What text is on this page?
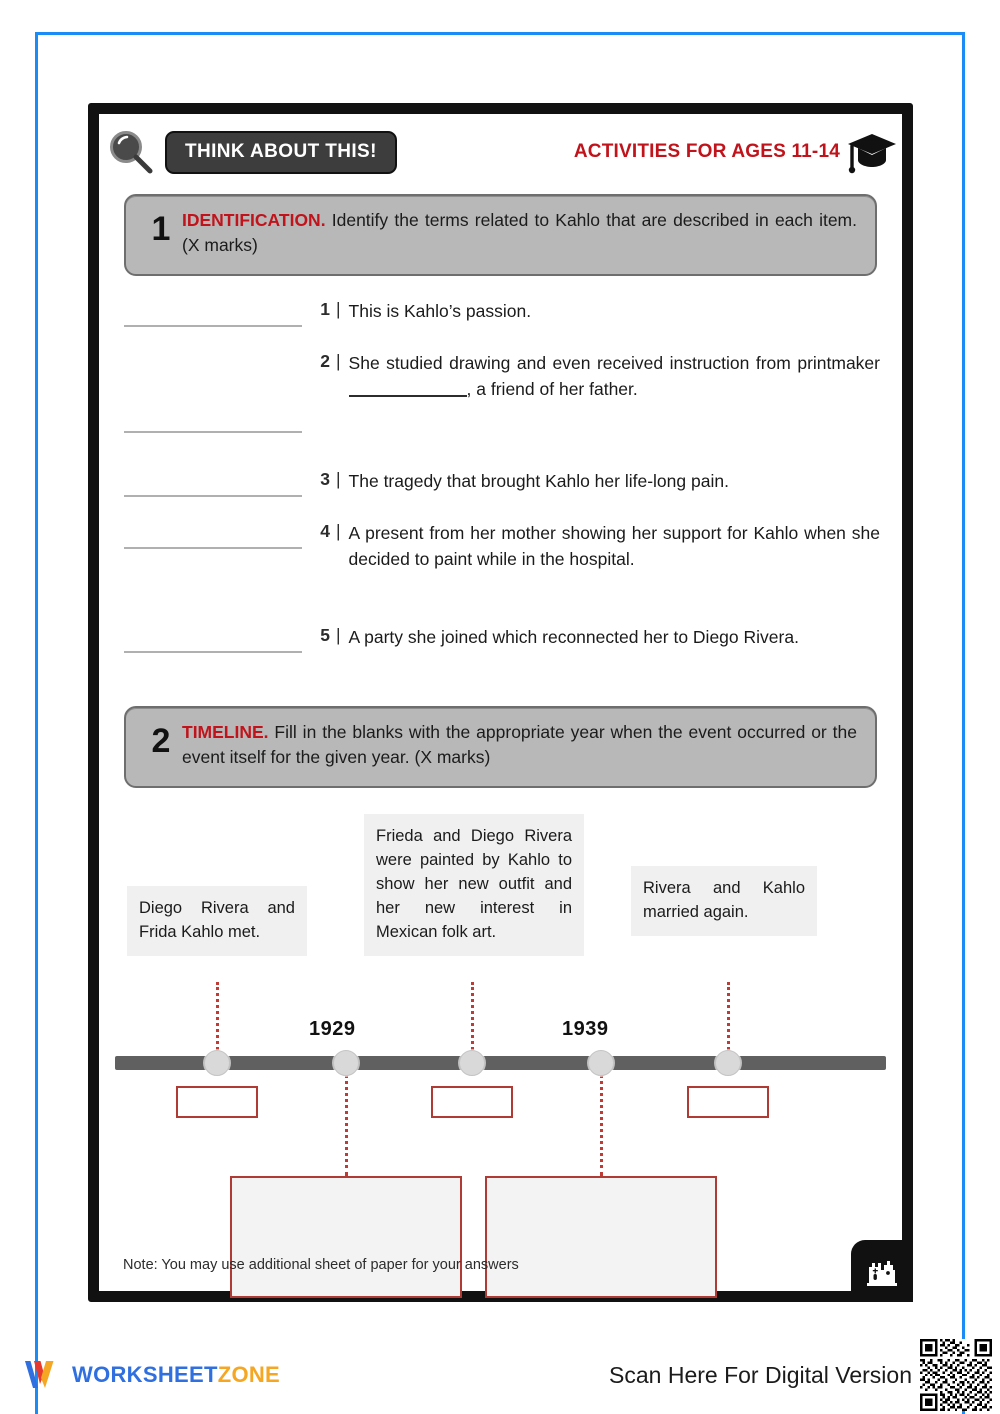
THINK ABOUT THIS!	ACTIVITIES FOR AGES 11-14
1 IDENTIFICATION. Identify the terms related to Kahlo that are described in each item. (X marks)
1 | This is Kahlo’s passion.
2 | She studied drawing and even received instruction from printmaker, a friend of her father.
3 | The tragedy that brought Kahlo her life-long pain.
4 | A present from her mother showing her support for Kahlo when she decided to paint while in the hospital.
5 | A party she joined which reconnected her to Diego Rivera.
2 TIMELINE. Fill in the blanks with the appropriate year when the event occurred or the event itself for the given year. (X marks)
Diego Rivera and Frida Kahlo met.
Frieda and Diego Rivera were painted by Kahlo to show her new outfit and her new interest in Mexican folk art.
Rivera and Kahlo married again.
1929	1939
Note: You may use additional sheet of paper for your answers
WORKSHEETZONE	Scan Here For Digital Version
